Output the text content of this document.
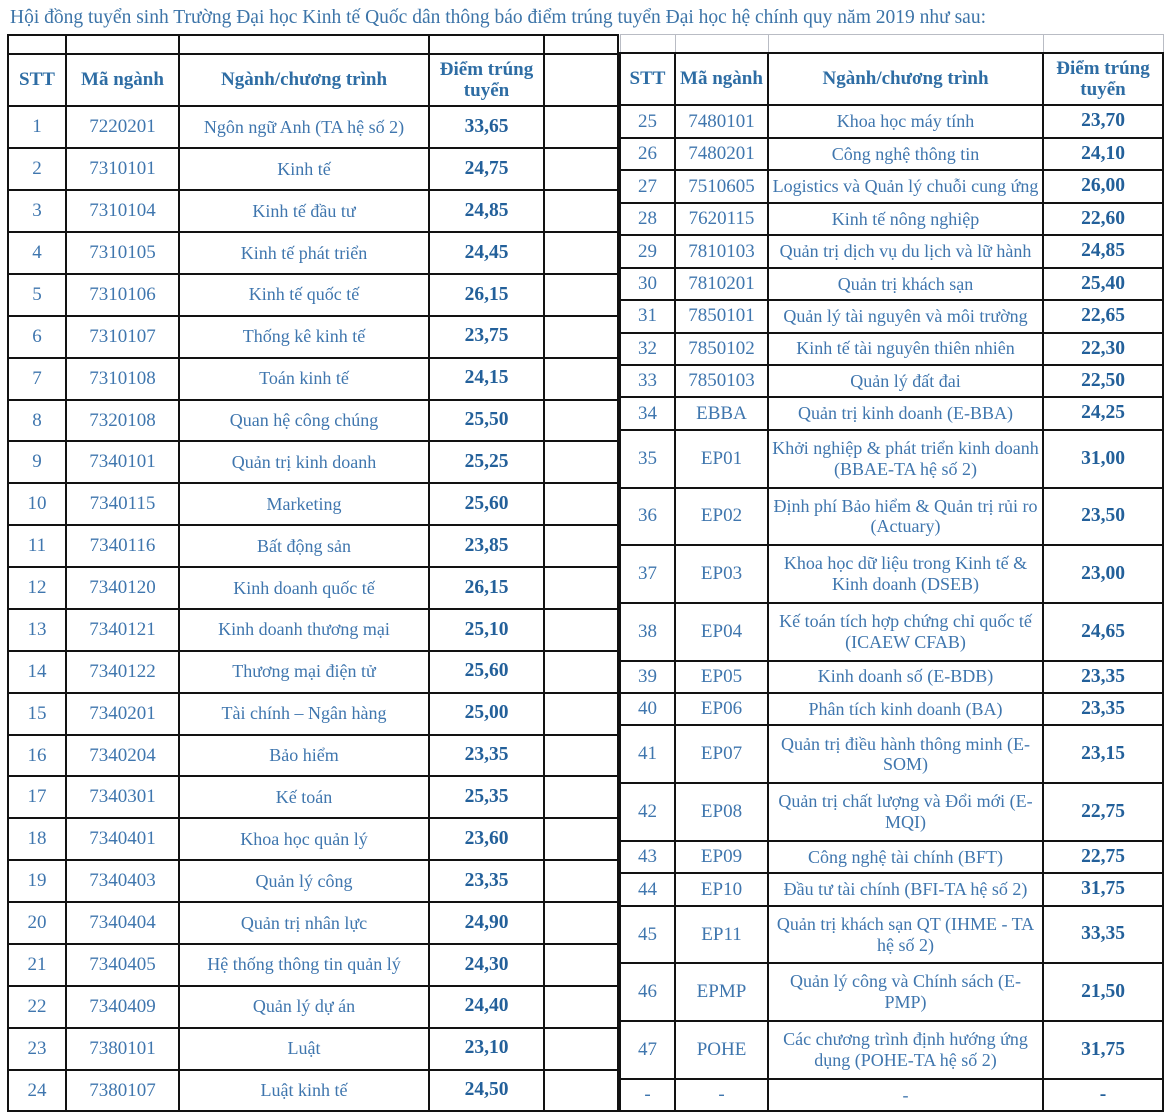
Hội đồng tuyển sinh Trường Đại học Kinh tế Quốc dân thông báo điểm trúng tuyển Đại học hệ chính quy năm 2019 như sau:

STT	Mã ngành	Ngành/chương trình	Điểm trúng tuyển	
1	7220201	Ngôn ngữ Anh (TA hệ số 2)	33,65	
2	7310101	Kinh tế	24,75	
3	7310104	Kinh tế đầu tư	24,85	
4	7310105	Kinh tế phát triển	24,45	
5	7310106	Kinh tế quốc tế	26,15	
6	7310107	Thống kê kinh tế	23,75	
7	7310108	Toán kinh tế	24,15	
8	7320108	Quan hệ công chúng	25,50	
9	7340101	Quản trị kinh doanh	25,25	
10	7340115	Marketing	25,60	
11	7340116	Bất động sản	23,85	
12	7340120	Kinh doanh quốc tế	26,15	
13	7340121	Kinh doanh thương mại	25,10	
14	7340122	Thương mại điện tử	25,60	
15	7340201	Tài chính – Ngân hàng	25,00	
16	7340204	Bảo hiểm	23,35	
17	7340301	Kế toán	25,35	
18	7340401	Khoa học quản lý	23,60	
19	7340403	Quản lý công	23,35	
20	7340404	Quản trị nhân lực	24,90	
21	7340405	Hệ thống thông tin quản lý	24,30	
22	7340409	Quản lý dự án	24,40	
23	7380101	Luật	23,10	
24	7380107	Luật kinh tế	24,50	

STT	Mã ngành	Ngành/chương trình	Điểm trúng tuyển
25	7480101	Khoa học máy tính	23,70
26	7480201	Công nghệ thông tin	24,10
27	7510605	Logistics và Quản lý chuỗi cung ứng	26,00
28	7620115	Kinh tế nông nghiệp	22,60
29	7810103	Quản trị dịch vụ du lịch và lữ hành	24,85
30	7810201	Quản trị khách sạn	25,40
31	7850101	Quản lý tài nguyên và môi trường	22,65
32	7850102	Kinh tế tài nguyên thiên nhiên	22,30
33	7850103	Quản lý đất đai	22,50
34	EBBA	Quản trị kinh doanh (E-BBA)	24,25
35	EP01	Khởi nghiệp & phát triển kinh doanh (BBAE-TA hệ số 2)	31,00
36	EP02	Định phí Bảo hiểm & Quản trị rủi ro (Actuary)	23,50
37	EP03	Khoa học dữ liệu trong Kinh tế & Kinh doanh (DSEB)	23,00
38	EP04	Kế toán tích hợp chứng chỉ quốc tế (ICAEW CFAB)	24,65
39	EP05	Kinh doanh số (E-BDB)	23,35
40	EP06	Phân tích kinh doanh (BA)	23,35
41	EP07	Quản trị điều hành thông minh (E-SOM)	23,15
42	EP08	Quản trị chất lượng và Đổi mới (E-MQI)	22,75
43	EP09	Công nghệ tài chính (BFT)	22,75
44	EP10	Đầu tư tài chính (BFI-TA hệ số 2)	31,75
45	EP11	Quản trị khách sạn QT (IHME - TA hệ số 2)	33,35
46	EPMP	Quản lý công và Chính sách (E-PMP)	21,50
47	POHE	Các chương trình định hướng ứng dụng (POHE-TA hệ số 2)	31,75
-	-	-	-
